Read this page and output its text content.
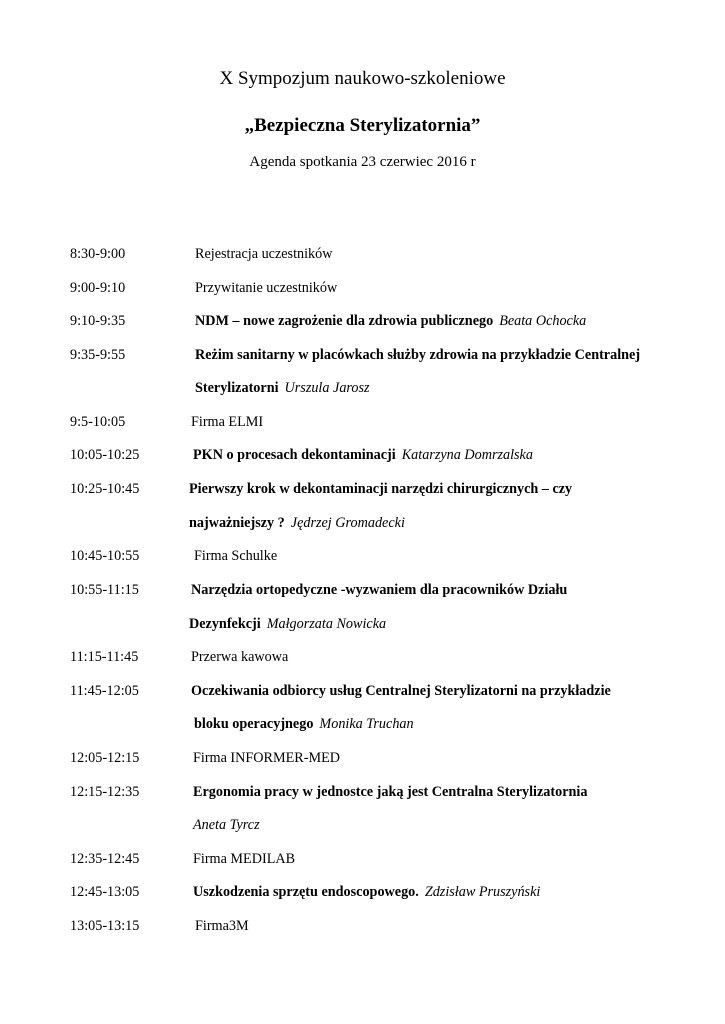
X Sympozjum naukowo-szkoleniowe
„Bezpieczna Sterylizatornia”
Agenda spotkania 23 czerwiec 2016 r
8:30-9:00	Rejestracja uczestników
9:00-9:10	Przywitanie uczestników
9:10-9:35	NDM – nowe zagrożenie dla zdrowia publicznego Beata Ochocka
9:35-9:55	Reżim sanitarny w placówkach służby zdrowia na przykładzie Centralnej
Sterylizatorni Urszula Jarosz
9:5-10:05	Firma ELMI
10:05-10:25	PKN o procesach dekontaminacji Katarzyna Domrzalska
10:25-10:45	Pierwszy krok w dekontaminacji narzędzi chirurgicznych – czy
najważniejszy ? Jędrzej Gromadecki
10:45-10:55	Firma Schulke
10:55-11:15	Narzędzia ortopedyczne -wyzwaniem dla pracowników Działu
Dezynfekcji Małgorzata Nowicka
11:15-11:45	Przerwa kawowa
11:45-12:05	Oczekiwania odbiorcy usług Centralnej Sterylizatorni na przykładzie
bloku operacyjnego Monika Truchan
12:05-12:15	Firma INFORMER-MED
12:15-12:35	Ergonomia pracy w jednostce jaką jest Centralna Sterylizatornia
Aneta Tyrcz
12:35-12:45	Firma MEDILAB
12:45-13:05	Uszkodzenia sprzętu endoscopowego. Zdzisław Pruszyński
13:05-13:15	Firma3M
